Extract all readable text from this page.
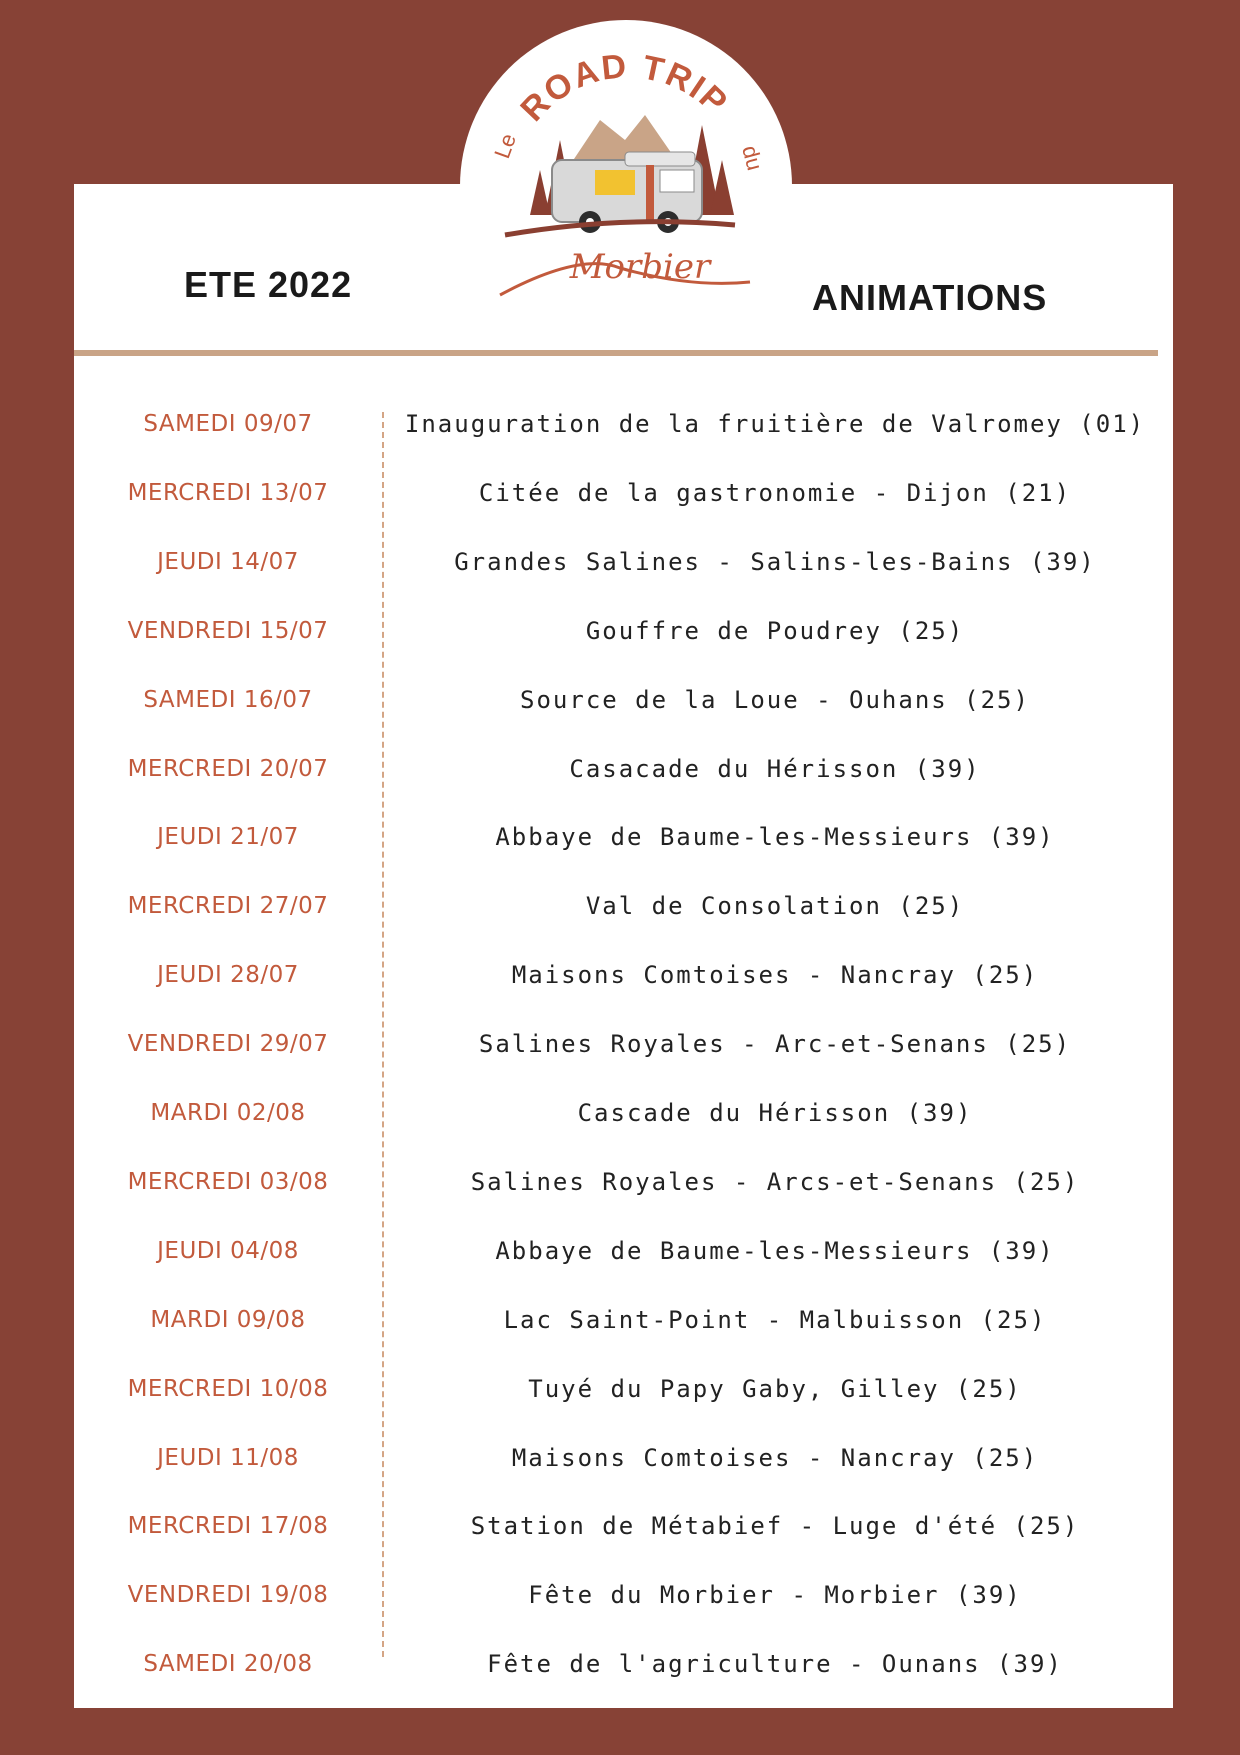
ROAD TRIP
Le	du
Morbier
ETE 2022	ANIMATIONS
SAMEDI 09/07	Inauguration de la fruitière de Valromey (01)
MERCREDI 13/07	Citée de la gastronomie - Dijon (21)
JEUDI 14/07	Grandes Salines - Salins-les-Bains (39)
VENDREDI 15/07	Gouffre de Poudrey (25)
SAMEDI 16/07	Source de la Loue - Ouhans (25)
MERCREDI 20/07	Casacade du Hérisson (39)
JEUDI 21/07	Abbaye de Baume-les-Messieurs (39)
MERCREDI 27/07	Val de Consolation (25)
JEUDI 28/07	Maisons Comtoises - Nancray (25)
VENDREDI 29/07	Salines Royales - Arc-et-Senans (25)
MARDI 02/08	Cascade du Hérisson (39)
MERCREDI 03/08	Salines Royales - Arcs-et-Senans (25)
JEUDI 04/08	Abbaye de Baume-les-Messieurs (39)
MARDI 09/08	Lac Saint-Point - Malbuisson (25)
MERCREDI 10/08	Tuyé du Papy Gaby, Gilley (25)
JEUDI 11/08	Maisons Comtoises - Nancray (25)
MERCREDI 17/08	Station de Métabief - Luge d'été (25)
VENDREDI 19/08	Fête du Morbier - Morbier (39)
SAMEDI 20/08	Fête de l'agriculture - Ounans (39)
